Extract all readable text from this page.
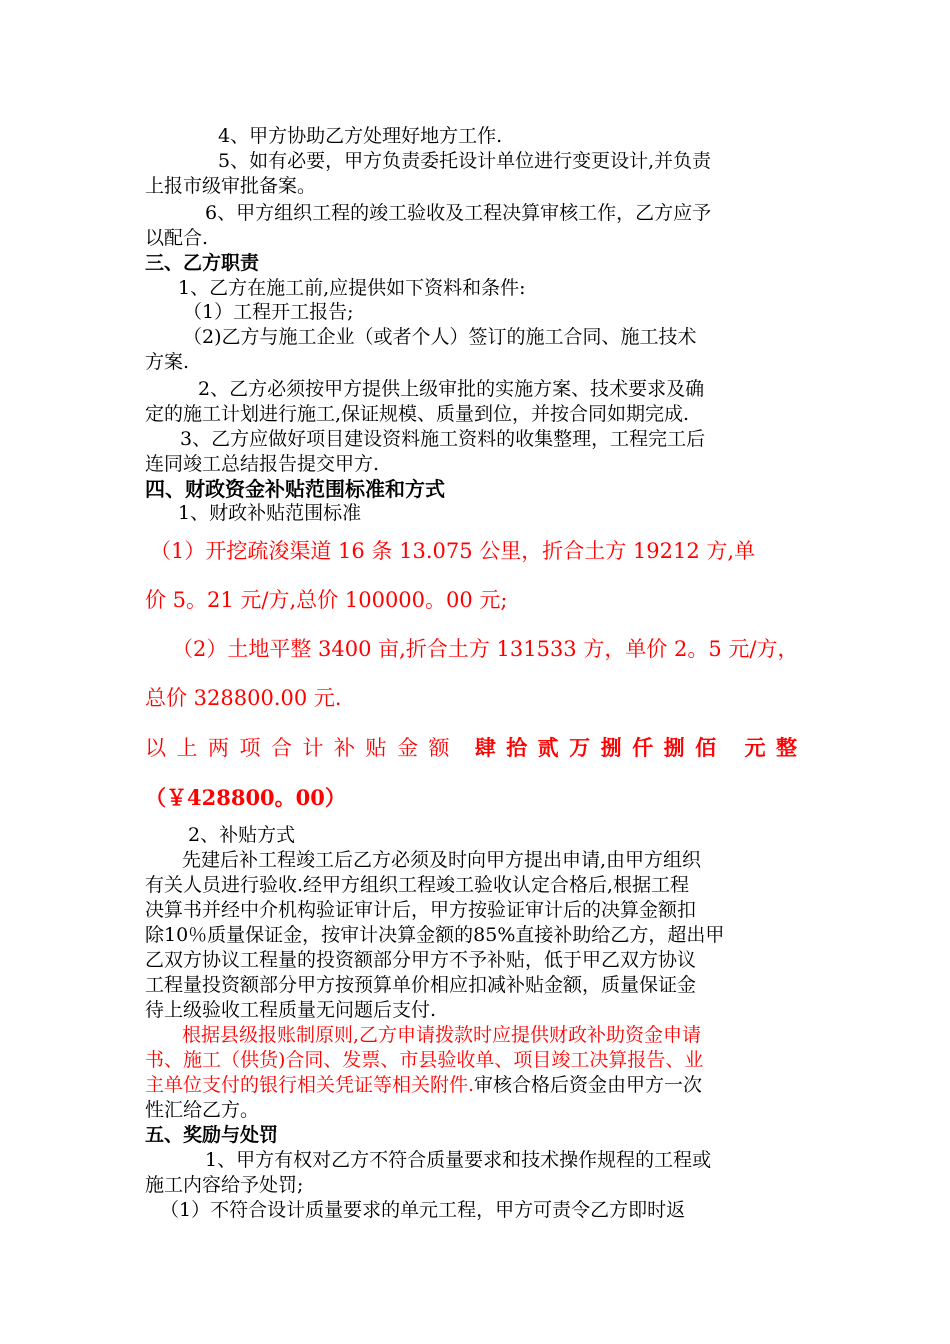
4、甲方协助乙方处理好地方工作.
5、如有必要，甲方负责委托设计单位进行变更设计,并负责
上报市级审批备案。
6、甲方组织工程的竣工验收及工程决算审核工作，乙方应予
以配合.
三、乙方职责
1、乙方在施工前,应提供如下资料和条件:
（1）工程开工报告;
（2)乙方与施工企业（或者个人）签订的施工合同、施工技术
方案.
2、乙方必须按甲方提供上级审批的实施方案、技术要求及确
定的施工计划进行施工,保证规模、质量到位，并按合同如期完成.
3、乙方应做好项目建设资料施工资料的收集整理，工程完工后
连同竣工总结报告提交甲方.
四、财政资金补贴范围标准和方式
1、财政补贴范围标准
（1）开挖疏浚渠道 16 条 13.075 公里，折合土方 19212 方,单
价 5。21 元/方,总价 100000。00 元;
（2）土地平整 3400 亩,折合土方 131533 方，单价 2。5 元/方，
总价 328800.00 元.
以上两项合计补贴金额 肆拾贰万捌仟捌佰 元整
（￥428800。00）
2、补贴方式
先建后补工程竣工后乙方必须及时向甲方提出申请,由甲方组织
有关人员进行验收.经甲方组织工程竣工验收认定合格后,根据工程
决算书并经中介机构验证审计后，甲方按验证审计后的决算金额扣
除10％质量保证金，按审计决算金额的85%直接补助给乙方，超出甲
乙双方协议工程量的投资额部分甲方不予补贴，低于甲乙双方协议
工程量投资额部分甲方按预算单价相应扣减补贴金额，质量保证金
待上级验收工程质量无问题后支付.
根据县级报账制原则,乙方申请拨款时应提供财政补助资金申请
书、施工（供货)合同、发票、市县验收单、项目竣工决算报告、业
主单位支付的银行相关凭证等相关附件.审核合格后资金由甲方一次
性汇给乙方。
五、奖励与处罚
1、甲方有权对乙方不符合质量要求和技术操作规程的工程或
施工内容给予处罚;
（1）不符合设计质量要求的单元工程，甲方可责令乙方即时返
